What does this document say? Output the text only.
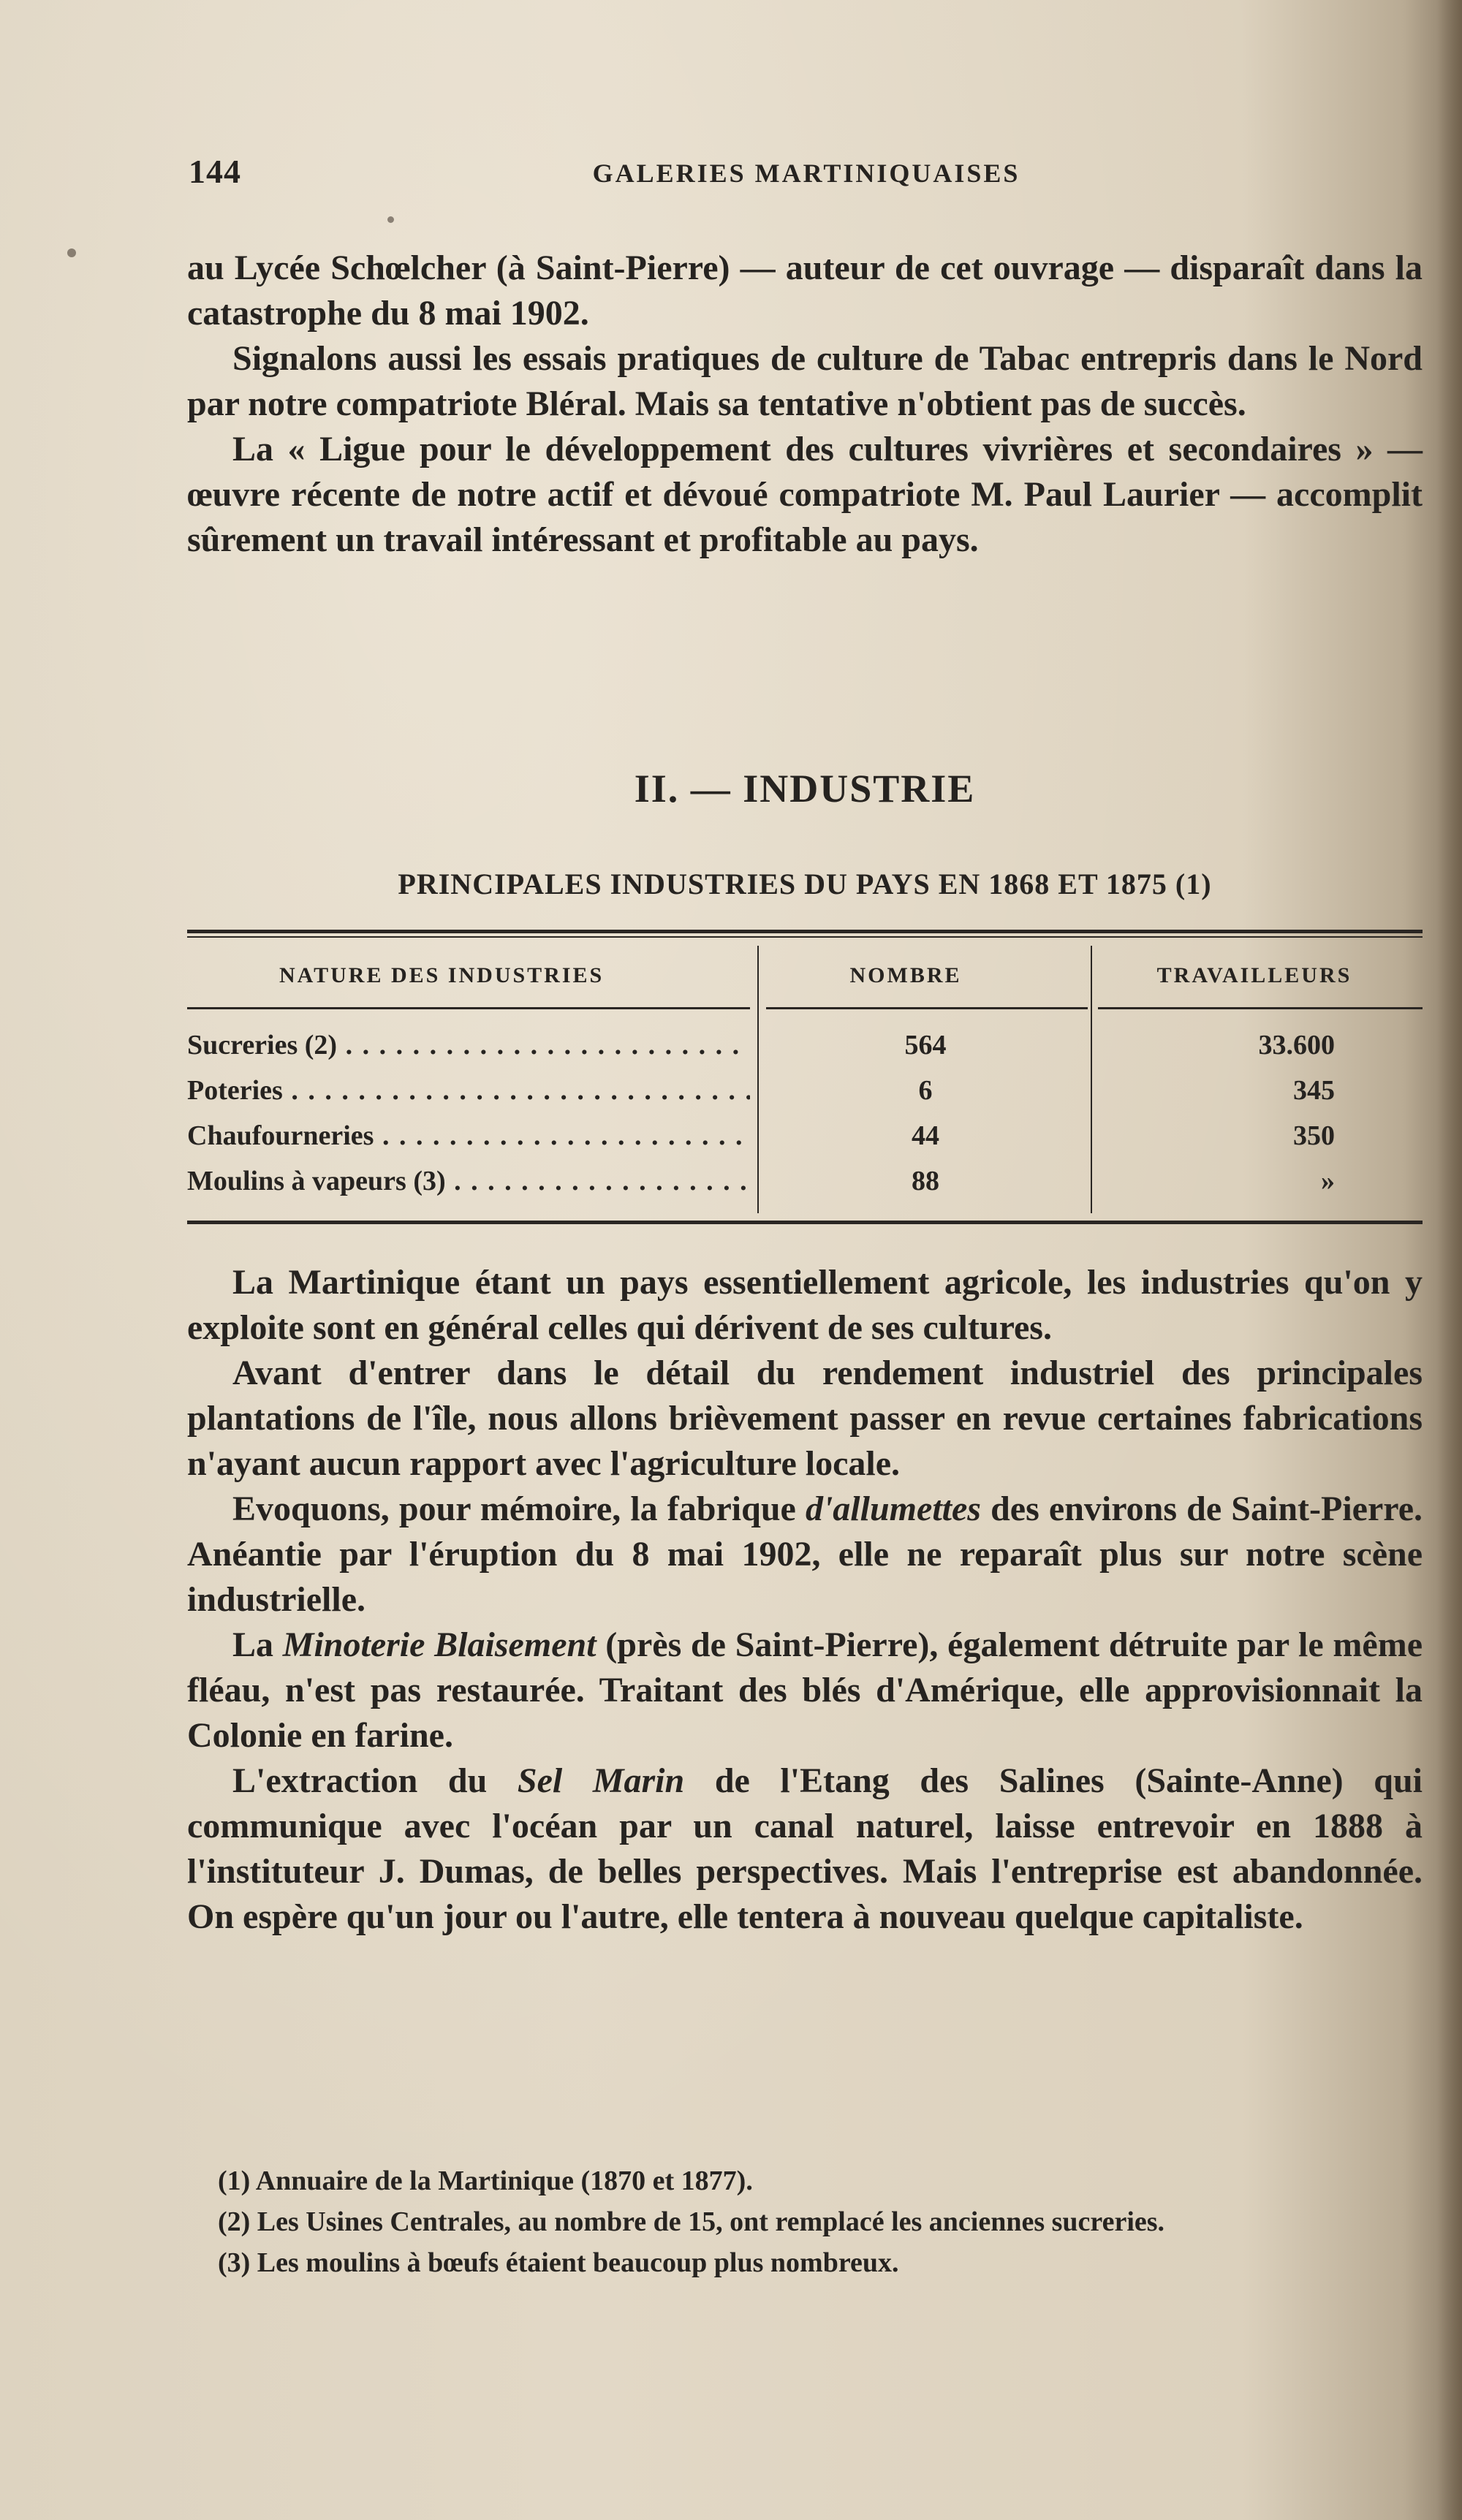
144	GALERIES MARTINIQUAISES

au Lycée Schœlcher (à Saint-Pierre) — auteur de cet ouvrage — disparaît dans la catastrophe du 8 mai 1902.

Signalons aussi les essais pratiques de culture de Tabac entrepris dans le Nord par notre compatriote Bléral. Mais sa tentative n'obtient pas de succès.

La « Ligue pour le développement des cultures vivrières et secondaires » — œuvre récente de notre actif et dévoué compatriote M. Paul Laurier — accomplit sûrement un travail intéressant et profitable au pays.

II. — INDUSTRIE
PRINCIPALES INDUSTRIES DU PAYS EN 1868 ET 1875 (1)
NATURE DES INDUSTRIES	NOMBRE	TRAVAILLEURS
Sucreries (2) . . .	564	33.600
Poteries . . .	6	345
Chaufourneries . . .	44	350
Moulins à vapeurs (3) . . .	88	»

La Martinique étant un pays essentiellement agricole, les industries qu'on y exploite sont en général celles qui dérivent de ses cultures.

Avant d'entrer dans le détail du rendement industriel des principales plantations de l'île, nous allons brièvement passer en revue certaines fabrications n'ayant aucun rapport avec l'agriculture locale.

Evoquons, pour mémoire, la fabrique d'allumettes des environs de Saint-Pierre. Anéantie par l'éruption du 8 mai 1902, elle ne reparaît plus sur notre scène industrielle.

La Minoterie Blaisement (près de Saint-Pierre), également détruite par le même fléau, n'est pas restaurée. Traitant des blés d'Amérique, elle approvisionnait la Colonie en farine.

L'extraction du Sel Marin de l'Etang des Salines (Sainte-Anne) qui communique avec l'océan par un canal naturel, laisse entrevoir en 1888 à l'instituteur J. Dumas, de belles perspectives. Mais l'entreprise est abandonnée. On espère qu'un jour ou l'autre, elle tentera à nouveau quelque capitaliste.

(1) Annuaire de la Martinique (1870 et 1877).

(2) Les Usines Centrales, au nombre de 15, ont remplacé les anciennes sucreries.

(3) Les moulins à bœufs étaient beaucoup plus nombreux.
